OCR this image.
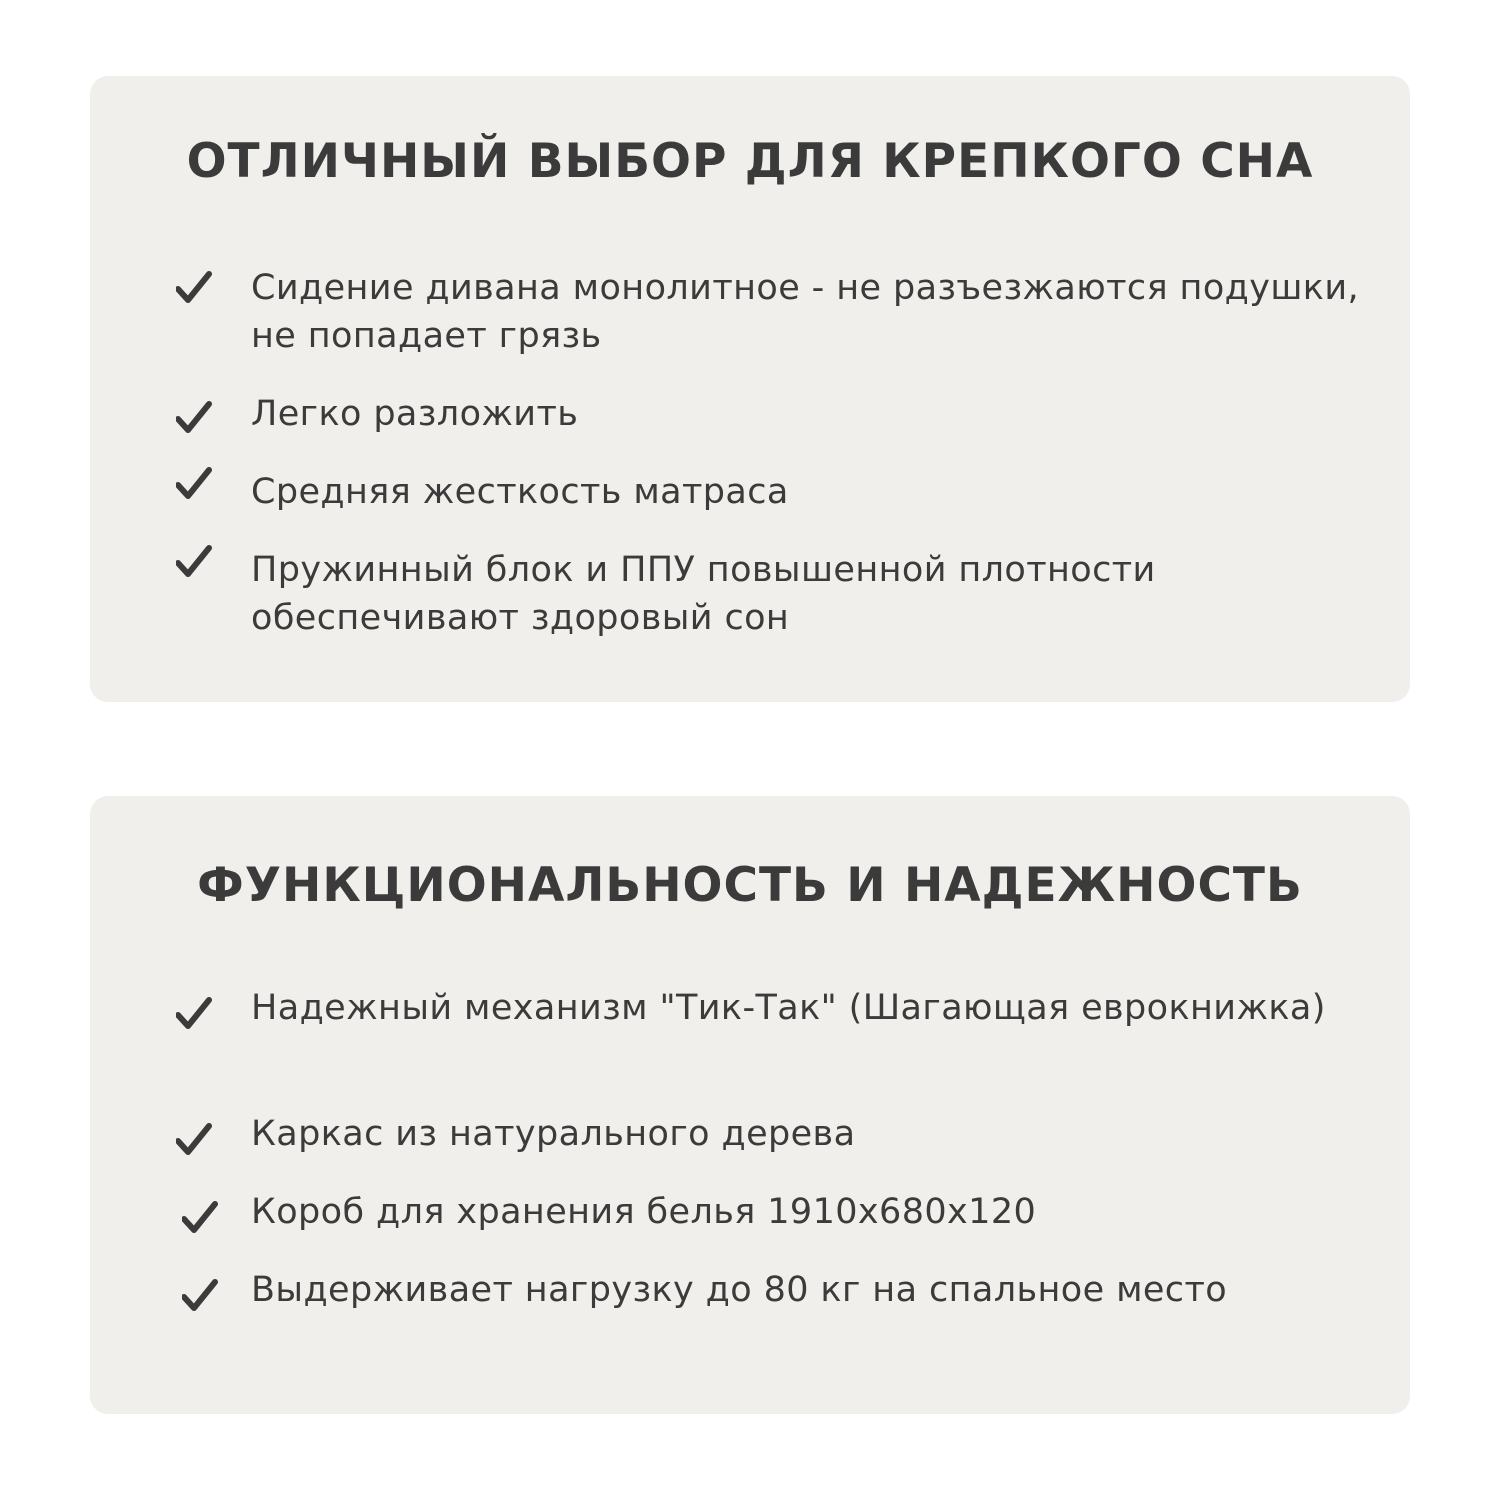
ОТЛИЧНЫЙ ВЫБОР ДЛЯ КРЕПКОГО СНА

Сидение дивана монолитное - не разъезжаются подушки, не попадает грязь

Легко разложить

Средняя жесткость матраса

Пружинный блок и ППУ повышенной плотности обеспечивают здоровый сон

ФУНКЦИОНАЛЬНОСТЬ И НАДЕЖНОСТЬ

Надежный механизм "Тик-Так" (Шагающая еврокнижка)

Каркас из натурального дерева

Короб для хранения белья 1910x680x120

Выдерживает нагрузку до 80 кг на спальное место
